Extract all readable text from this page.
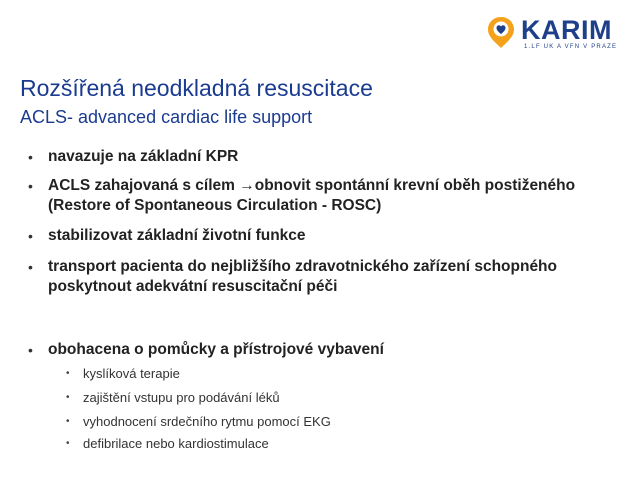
KARIM
1.LF UK A VFN V PRAZE
Rozšířená neodkladná resuscitace
ACLS- advanced cardiac life support
• navazuje na základní KPR
• ACLS zahajovaná s cílem →obnovit spontánní krevní oběh postiženého (Restore of Spontaneous Circulation - ROSC)
• stabilizovat základní životní funkce
• transport pacienta do nejbližšího zdravotnického zařízení schopného poskytnout adekvátní resuscitační péči
• obohacena o pomůcky a přístrojové vybavení
• kyslíková terapie
• zajištění vstupu pro podávání léků
• vyhodnocení srdečního rytmu pomocí EKG
• defibrilace nebo kardiostimulace
